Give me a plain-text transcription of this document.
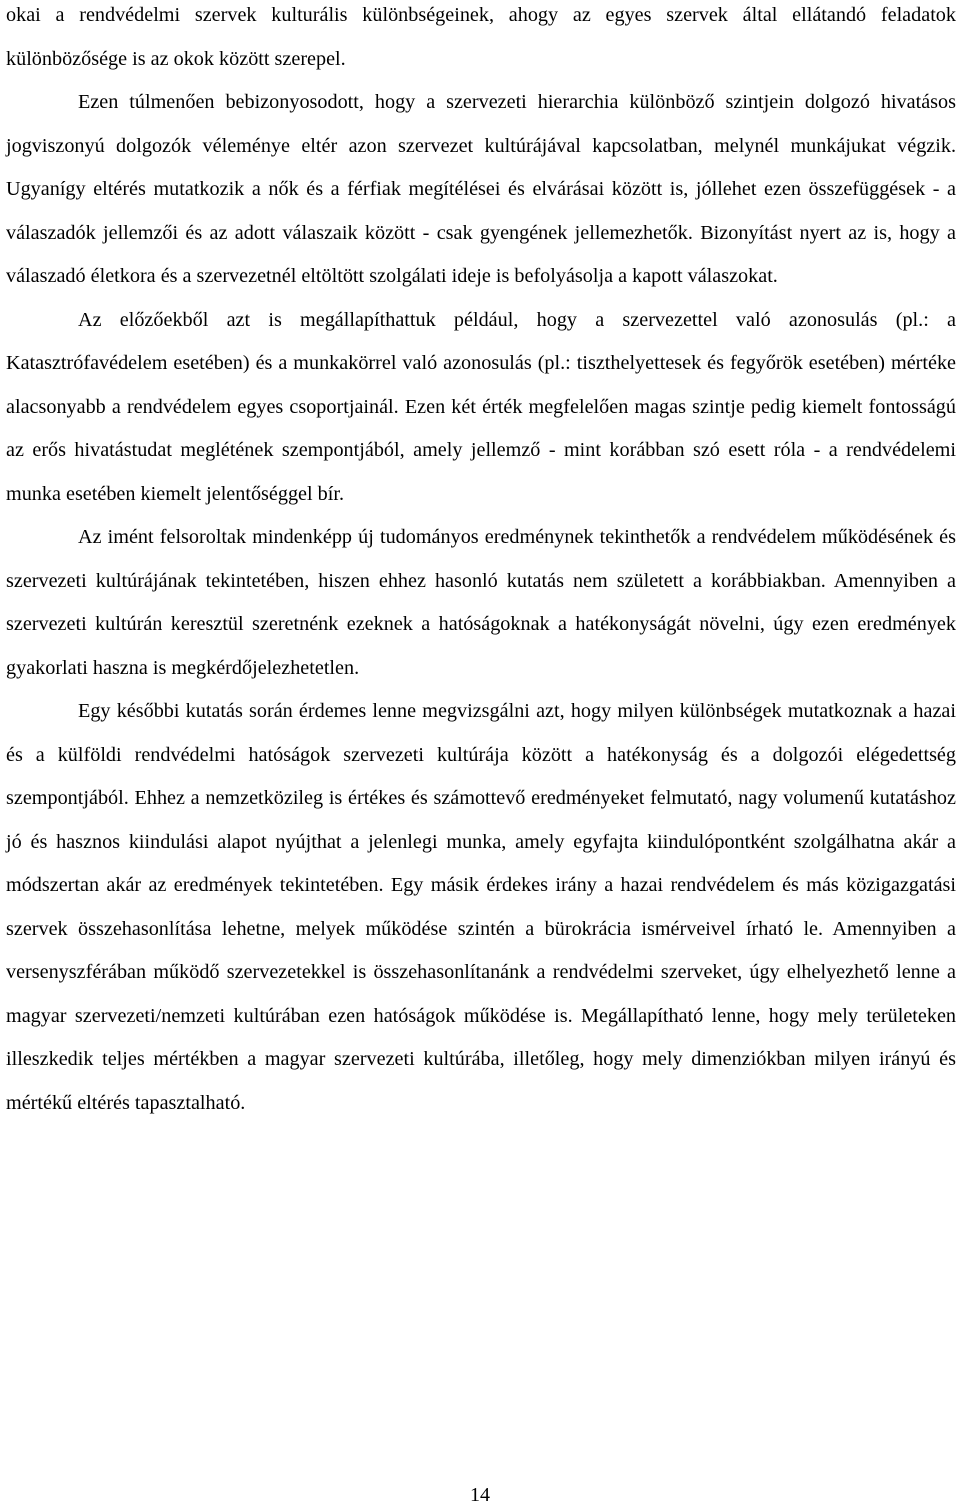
okai a rendvédelmi szervek kulturális különbségeinek, ahogy az egyes szervek által ellátandó feladatok különbözősége is az okok között szerepel.

Ezen túlmenően bebizonyosodott, hogy a szervezeti hierarchia különböző szintjein dolgozó hivatásos jogviszonyú dolgozók véleménye eltér azon szervezet kultúrájával kapcsolatban, melynél munkájukat végzik. Ugyanígy eltérés mutatkozik a nők és a férfiak megítélései és elvárásai között is, jóllehet ezen összefüggések - a válaszadók jellemzői és az adott válaszaik között - csak gyengének jellemezhetők. Bizonyítást nyert az is, hogy a válaszadó életkora és a szervezetnél eltöltött szolgálati ideje is befolyásolja a kapott válaszokat.

Az előzőekből azt is megállapíthattuk például, hogy a szervezettel való azonosulás (pl.: a Katasztrófavédelem esetében) és a munkakörrel való azonosulás (pl.: tiszthelyettesek és fegyőrök esetében) mértéke alacsonyabb a rendvédelem egyes csoportjainál. Ezen két érték megfelelően magas szintje pedig kiemelt fontosságú az erős hivatástudat meglétének szempontjából, amely jellemző - mint korábban szó esett róla - a rendvédelemi munka esetében kiemelt jelentőséggel bír.

Az imént felsoroltak mindenképp új tudományos eredménynek tekinthetők a rendvédelem működésének és szervezeti kultúrájának tekintetében, hiszen ehhez hasonló kutatás nem született a korábbiakban. Amennyiben a szervezeti kultúrán keresztül szeretnénk ezeknek a hatóságoknak a hatékonyságát növelni, úgy ezen eredmények gyakorlati haszna is megkérdőjelezhetetlen.

Egy későbbi kutatás során érdemes lenne megvizsgálni azt, hogy milyen különbségek mutatkoznak a hazai és a külföldi rendvédelmi hatóságok szervezeti kultúrája között a hatékonyság és a dolgozói elégedettség szempontjából. Ehhez a nemzetközileg is értékes és számottevő eredményeket felmutató, nagy volumenű kutatáshoz jó és hasznos kiindulási alapot nyújthat a jelenlegi munka, amely egyfajta kiindulópontként szolgálhatna akár a módszertan akár az eredmények tekintetében. Egy másik érdekes irány a hazai rendvédelem és más közigazgatási szervek összehasonlítása lehetne, melyek működése szintén a bürokrácia ismérveivel írható le. Amennyiben a versenyszférában működő szervezetekkel is összehasonlítanánk a rendvédelmi szerveket, úgy elhelyezhető lenne a magyar szervezeti/nemzeti kultúrában ezen hatóságok működése is. Megállapítható lenne, hogy mely területeken illeszkedik teljes mértékben a magyar szervezeti kultúrába, illetőleg, hogy mely dimenziókban milyen irányú és mértékű eltérés tapasztalható.

14
